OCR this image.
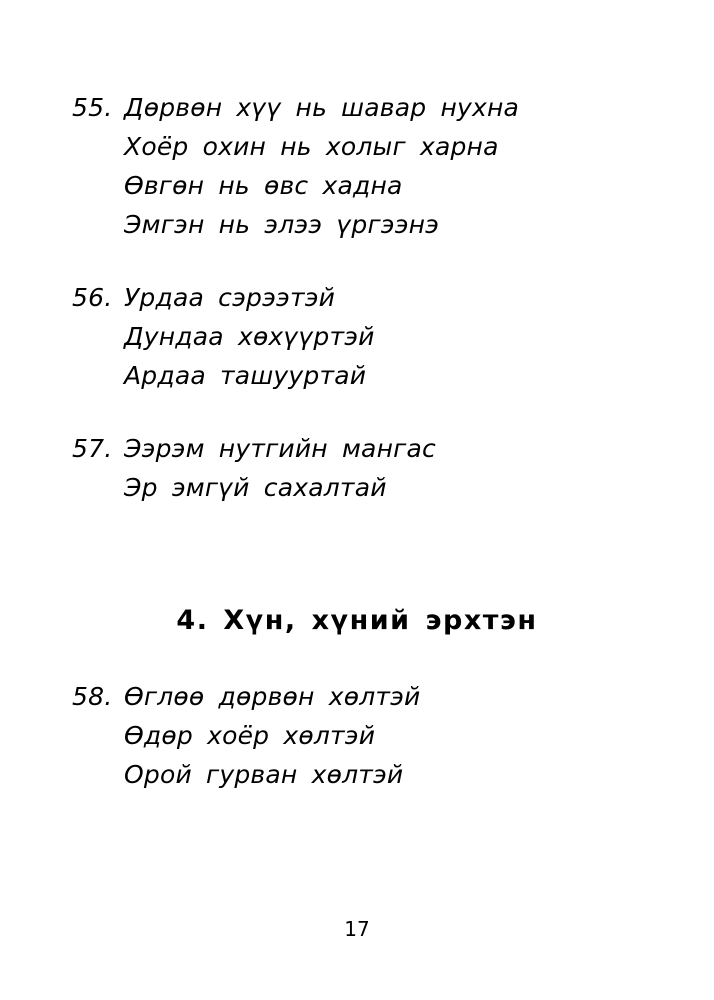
55. Дөрвөн хүү нь шавар нухна
Хоёр охин нь холыг харна
Өвгөн нь өвс хадна
Эмгэн нь элээ үргээнэ
56. Урдаа сэрээтэй
Дундаа хөхүүртэй
Ардаа ташууртай
57. Ээрэм нутгийн мангас
Эр эмгүй сахалтай
4. Хүн, хүний эрхтэн
58. Өглөө дөрвөн хөлтэй
Өдөр хоёр хөлтэй
Орой гурван хөлтэй
17
